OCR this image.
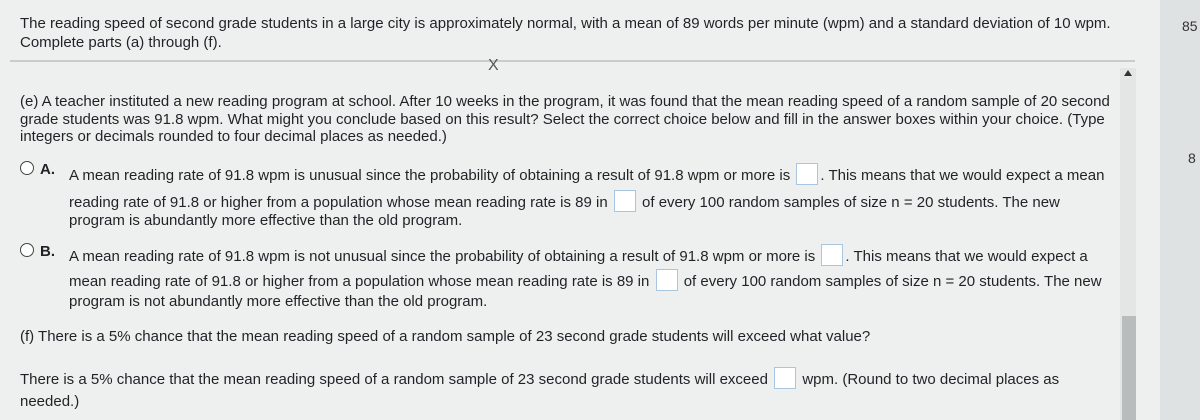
The reading speed of second grade students in a large city is approximately normal, with a mean of 89 words per minute (wpm) and a standard deviation of 10 wpm. Complete parts (a) through (f).
X
(e) A teacher instituted a new reading program at school. After 10 weeks in the program, it was found that the mean reading speed of a random sample of 20 second grade students was 91.8 wpm. What might you conclude based on this result? Select the correct choice below and fill in the answer boxes within your choice. (Type integers or decimals rounded to four decimal places as needed.)
A. A mean reading rate of 91.8 wpm is unusual since the probability of obtaining a result of 91.8 wpm or more is . This means that we would expect a mean
reading rate of 91.8 or higher from a population whose mean reading rate is 89 in of every 100 random samples of size n = 20 students. The new
program is abundantly more effective than the old program.
B. A mean reading rate of 91.8 wpm is not unusual since the probability of obtaining a result of 91.8 wpm or more is . This means that we would expect a
mean reading rate of 91.8 or higher from a population whose mean reading rate is 89 in of every 100 random samples of size n = 20 students. The new
program is not abundantly more effective than the old program.
(f) There is a 5% chance that the mean reading speed of a random sample of 23 second grade students will exceed what value?
There is a 5% chance that the mean reading speed of a random sample of 23 second grade students will exceed wpm. (Round to two decimal places as
needed.)
85
8
